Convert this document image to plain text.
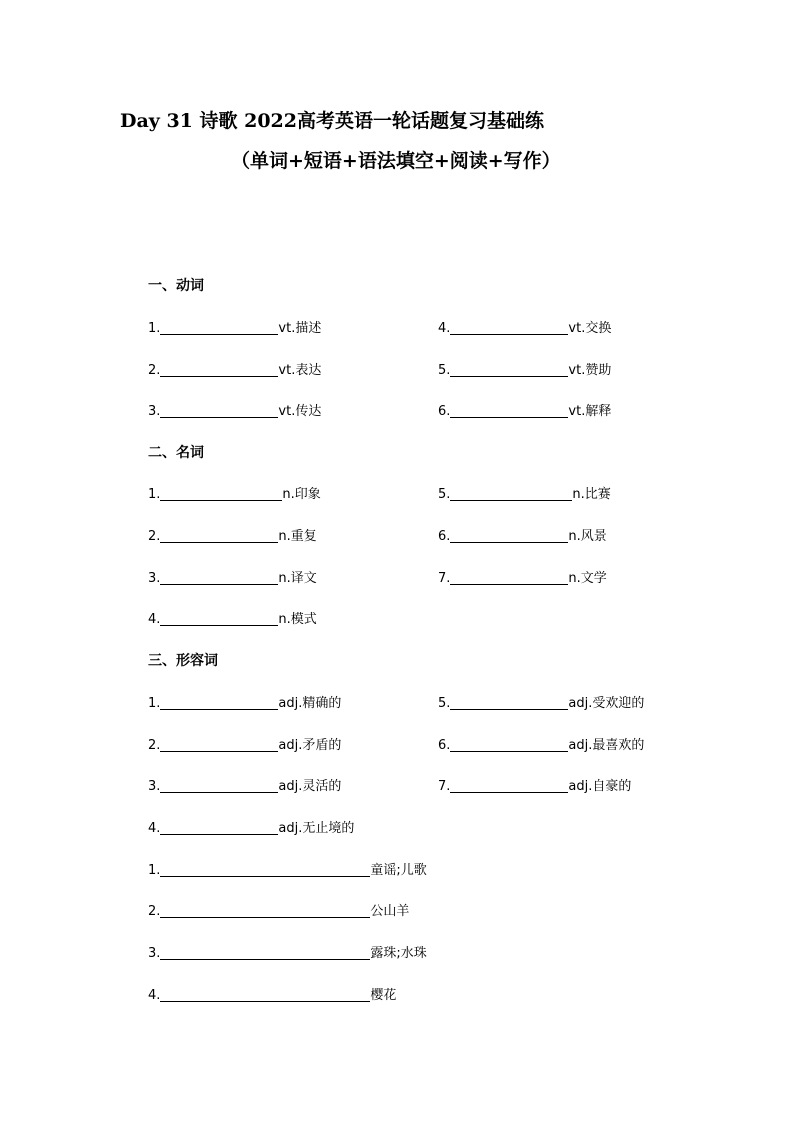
Day 31 诗歌 2022高考英语一轮话题复习基础练
（单词+短语+语法填空+阅读+写作）
一、动词
1.	vt.描述
2.	vt.表达
3.	vt.传达
4.	vt.交换
5.	vt.赞助
6.	vt.解释
二、名词
1.	n.印象
2.	n.重复
3.	n.译文
4.	n.模式
5.	n.比赛
6.	n.风景
7.	n.文学
三、形容词
1.	adj.精确的
2.	adj.矛盾的
3.	adj.灵活的
4.	adj.无止境的
5.	adj.受欢迎的
6.	adj.最喜欢的
7.	adj.自豪的
1.	童谣;儿歌
2.	公山羊
3.	露珠;水珠
4.	樱花
